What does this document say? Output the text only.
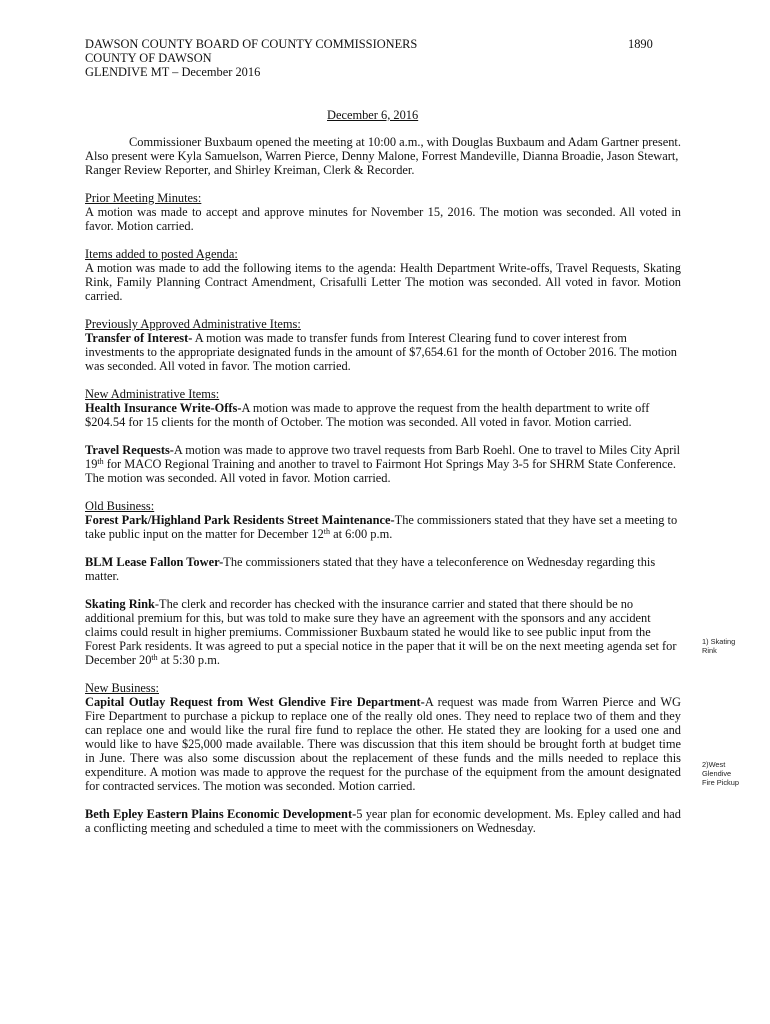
DAWSON COUNTY BOARD OF COUNTY COMMISSIONERS
COUNTY OF DAWSON
GLENDIVE MT – December 2016
1890
December 6, 2016

Commissioner Buxbaum opened the meeting at 10:00 a.m., with Douglas Buxbaum and Adam Gartner present. Also present were Kyla Samuelson, Warren Pierce, Denny Malone, Forrest Mandeville, Dianna Broadie, Jason Stewart, Ranger Review Reporter, and Shirley Kreiman, Clerk & Recorder.

Prior Meeting Minutes:

A motion was made to accept and approve minutes for November 15, 2016. The motion was seconded. All voted in favor. Motion carried.

Items added to posted Agenda:

A motion was made to add the following items to the agenda: Health Department Write-offs, Travel Requests, Skating Rink, Family Planning Contract Amendment, Crisafulli Letter The motion was seconded. All voted in favor. Motion carried.

Previously Approved Administrative Items:

Transfer of Interest- A motion was made to transfer funds from Interest Clearing fund to cover interest from investments to the appropriate designated funds in the amount of $7,654.61 for the month of October 2016. The motion was seconded. All voted in favor. The motion carried.

New Administrative Items:

Health Insurance Write-Offs-A motion was made to approve the request from the health department to write off $204.54 for 15 clients for the month of October. The motion was seconded. All voted in favor. Motion carried.

Travel Requests-A motion was made to approve two travel requests from Barb Roehl. One to travel to Miles City April 19th for MACO Regional Training and another to travel to Fairmont Hot Springs May 3-5 for SHRM State Conference. The motion was seconded. All voted in favor. Motion carried.

Old Business:

Forest Park/Highland Park Residents Street Maintenance-The commissioners stated that they have set a meeting to take public input on the matter for December 12th at 6:00 p.m.

BLM Lease Fallon Tower-The commissioners stated that they have a teleconference on Wednesday regarding this matter.

Skating Rink-The clerk and recorder has checked with the insurance carrier and stated that there should be no additional premium for this, but was told to make sure they have an agreement with the sponsors and any accident claims could result in higher premiums. Commissioner Buxbaum stated he would like to see public input from the Forest Park residents. It was agreed to put a special notice in the paper that it will be on the next meeting agenda set for December 20th at 5:30 p.m.

New Business:

Capital Outlay Request from West Glendive Fire Department-A request was made from Warren Pierce and WG Fire Department to purchase a pickup to replace one of the really old ones. They need to replace two of them and they can replace one and would like the rural fire fund to replace the other. He stated they are looking for a used one and would like to have $25,000 made available. There was discussion that this item should be brought forth at budget time in June. There was also some discussion about the replacement of these funds and the mills needed to replace this expenditure. A motion was made to approve the request for the purchase of the equipment from the amount designated for contracted services. The motion was seconded. Motion carried.

Beth Epley Eastern Plains Economic Development-5 year plan for economic development. Ms. Epley called and had a conflicting meeting and scheduled a time to meet with the commissioners on Wednesday.

1) Skating
Rink
2)West
Glendive
Fire Pickup
